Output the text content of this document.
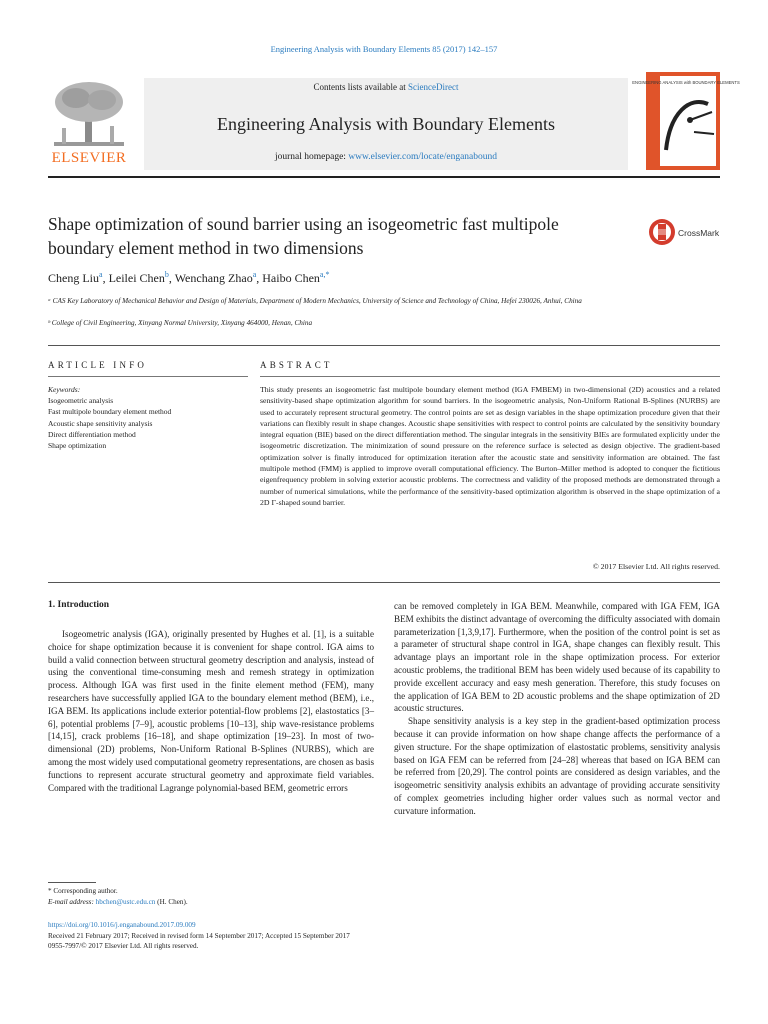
Engineering Analysis with Boundary Elements 85 (2017) 142–157
ELSEVIER
Contents lists available at ScienceDirect
Engineering Analysis with Boundary Elements
journal homepage: www.elsevier.com/locate/enganabound
ENGINEERING ANALYSIS with BOUNDARY ELEMENTS
Shape optimization of sound barrier using an isogeometric fast multipole boundary element method in two dimensions
CrossMark
Cheng Liu$^a$, Leilei Chen$^b$, Wenchang Zhao$^a$, Haibo Chen$^{a,*}$
ᵃ CAS Key Laboratory of Mechanical Behavior and Design of Materials, Department of Modern Mechanics, University of Science and Technology of China, Hefei 230026, Anhui, China
ᵇ College of Civil Engineering, Xinyang Normal University, Xinyang 464000, Henan, China
ARTICLE INFO	ABSTRACT
Keywords:
Isogeometric analysis
Fast multipole boundary element method
Acoustic shape sensitivity analysis
Direct differentiation method
Shape optimization
This study presents an isogeometric fast multipole boundary element method (IGA FMBEM) in two-dimensional (2D) acoustics and a related sensitivity-based shape optimization algorithm for sound barriers. In the isogeometric analysis, Non-Uniform Rational B-Splines (NURBS) are used to accurately represent structural geometry. The control points are set as design variables in the shape optimization procedure given that their variations can flexibly result in shape changes. Acoustic shape sensitivities with respect to control points are calculated by the sensitivity boundary integral equation (BIE) based on the direct differentiation method. The singular integrals in the sensitivity BIEs are formulated explicitly under the isogeometric discretization. The minimization of sound pressure on the reference surface is selected as design objective. The gradient-based optimization solver is finally introduced for optimization iteration after the acoustic state and sensitivity information are obtained. The fast multipole method (FMM) is applied to improve overall computational efficiency. The Burton–Miller method is adopted to conquer the fictitious eigenfrequency problem in solving exterior acoustic problems. The correctness and validity of the proposed methods are demonstrated through a number of numerical simulations, while the performance of the sensitivity-based optimization algorithm is observed in the shape optimization of a 2D Γ-shaped sound barrier.
© 2017 Elsevier Ltd. All rights reserved.
1. Introduction

Isogeometric analysis (IGA), originally presented by Hughes et al. [1], is a suitable choice for shape optimization because it is convenient for shape control. IGA aims to build a valid connection between structural geometry description and analysis, instead of using the conventional time-consuming mesh and remesh strategy in optimization process. Although IGA was first used in the finite element method (FEM), many researchers have successfully applied IGA to the boundary element method (BEM), i.e., IGA BEM. Its applications include exterior potential-flow problems [2], elastostatics [3–6], potential problems [7–9], acoustic problems [10–13], ship wave-resistance problems [14,15], crack problems [16–18], and shape optimization [19–23]. In most of two-dimensional (2D) problems, Non-Uniform Rational B-Splines (NURBS), which are among the most widely used computational geometry representations, are chosen as basis functions to represent accurate structural geometry and approximate field variables. Compared with the traditional Lagrange polynomial-based BEM, geometric errors

can be removed completely in IGA BEM. Meanwhile, compared with IGA FEM, IGA BEM exhibits the distinct advantage of overcoming the difficulty associated with domain parameterization [1,3,9,17]. Furthermore, when the position of the control point is set as a parameter of structural shape control in IGA, shape changes can flexibly result. This advantage plays an important role in the shape optimization process. For exterior acoustic problems, the traditional BEM has been widely used because of its capability to provide excellent accuracy and easy mesh generation. Therefore, this study focuses on the application of IGA BEM to 2D acoustic problems and the shape optimization of 2D acoustic structures.

Shape sensitivity analysis is a key step in the gradient-based optimization process because it can provide information on how shape change affects the performance of a given structure. For the shape optimization of elastostatic problems, sensitivity analysis based on IGA FEM can be referred from [24–28] whereas that based on IGA BEM can be referred from [20,29]. The control points are considered as design variables, and the isogeometric sensitivity analysis exhibits an advantage of providing accurate sensitivity of complex geometries including higher order values such as normal vector and curvature information.

* Corresponding author.
E-mail address: hbchen@ustc.edu.cn (H. Chen).
https://doi.org/10.1016/j.enganabound.2017.09.009
Received 21 February 2017; Received in revised form 14 September 2017; Accepted 15 September 2017
0955-7997/© 2017 Elsevier Ltd. All rights reserved.
